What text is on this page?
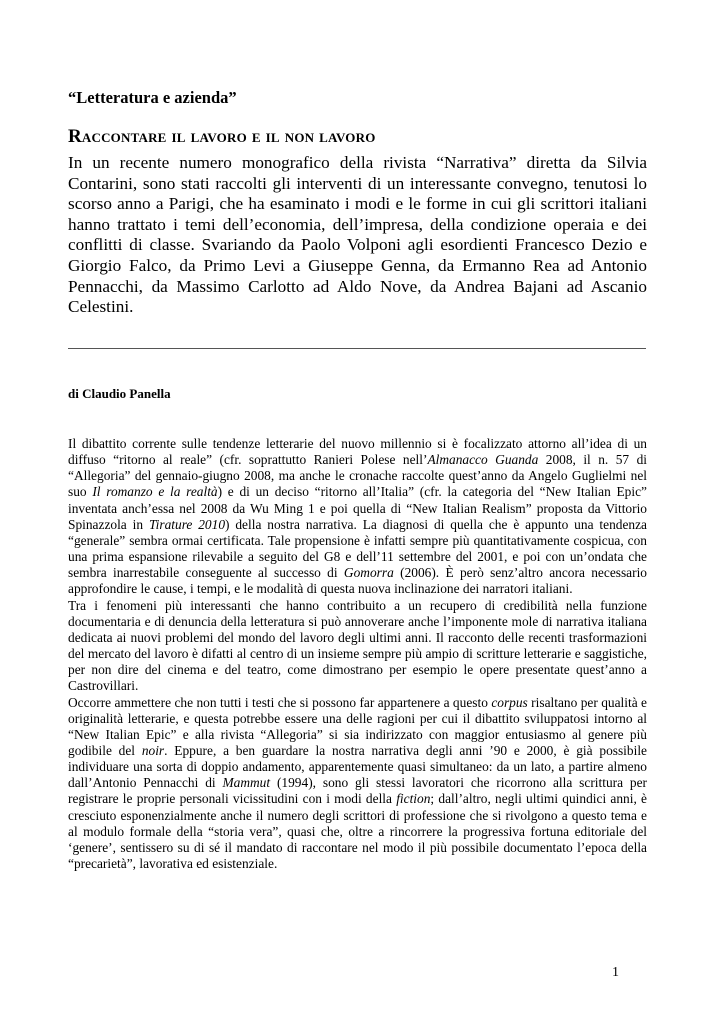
“Letteratura e azienda”
Raccontare il lavoro e il non lavoro

In un recente numero monografico della rivista “Narrativa” diretta da Silvia Contarini, sono stati raccolti gli interventi di un interessante convegno, tenutosi lo scorso anno a Parigi, che ha esaminato i modi e le forme in cui gli scrittori italiani hanno trattato i temi dell’economia, dell’impresa, della condizione operaia e dei conflitti di classe. Svariando da Paolo Volponi agli esordienti Francesco Dezio e Giorgio Falco, da Primo Levi a Giuseppe Genna, da Ermanno Rea ad Antonio Pennacchi, da Massimo Carlotto ad Aldo Nove, da Andrea Bajani ad Ascanio Celestini.

di Claudio Panella

Il dibattito corrente sulle tendenze letterarie del nuovo millennio si è focalizzato attorno all’idea di un diffuso “ritorno al reale” (cfr. soprattutto Ranieri Polese nell’Almanacco Guanda 2008, il n. 57 di “Allegoria” del gennaio-giugno 2008, ma anche le cronache raccolte quest’anno da Angelo Guglielmi nel suo Il romanzo e la realtà) e di un deciso “ritorno all’Italia” (cfr. la categoria del “New Italian Epic” inventata anch’essa nel 2008 da Wu Ming 1 e poi quella di “New Italian Realism” proposta da Vittorio Spinazzola in Tirature 2010) della nostra narrativa. La diagnosi di quella che è appunto una tendenza “generale” sembra ormai certificata. Tale propensione è infatti sempre più quantitativamente cospicua, con una prima espansione rilevabile a seguito del G8 e dell’11 settembre del 2001, e poi con un’ondata che sembra inarrestabile conseguente al successo di Gomorra (2006). È però senz’altro ancora necessario approfondire le cause, i tempi, e le modalità di questa nuova inclinazione dei narratori italiani.

Tra i fenomeni più interessanti che hanno contribuito a un recupero di credibilità nella funzione documentaria e di denuncia della letteratura si può annoverare anche l’imponente mole di narrativa italiana dedicata ai nuovi problemi del mondo del lavoro degli ultimi anni. Il racconto delle recenti trasformazioni del mercato del lavoro è difatti al centro di un insieme sempre più ampio di scritture letterarie e saggistiche, per non dire del cinema e del teatro, come dimostrano per esempio le opere presentate quest’anno a Castrovillari.

Occorre ammettere che non tutti i testi che si possono far appartenere a questo corpus risaltano per qualità e originalità letterarie, e questa potrebbe essere una delle ragioni per cui il dibattito sviluppatosi intorno al “New Italian Epic” e alla rivista “Allegoria” si sia indirizzato con maggior entusiasmo al genere più godibile del noir. Eppure, a ben guardare la nostra narrativa degli anni ’90 e 2000, è già possibile individuare una sorta di doppio andamento, apparentemente quasi simultaneo: da un lato, a partire almeno dall’Antonio Pennacchi di Mammut (1994), sono gli stessi lavoratori che ricorrono alla scrittura per registrare le proprie personali vicissitudini con i modi della fiction; dall’altro, negli ultimi quindici anni, è cresciuto esponenzialmente anche il numero degli scrittori di professione che si rivolgono a questo tema e al modulo formale della “storia vera”, quasi che, oltre a rincorrere la progressiva fortuna editoriale del ‘genere’, sentissero su di sé il mandato di raccontare nel modo il più possibile documentato l’epoca della “precarietà”, lavorativa ed esistenziale.

1
